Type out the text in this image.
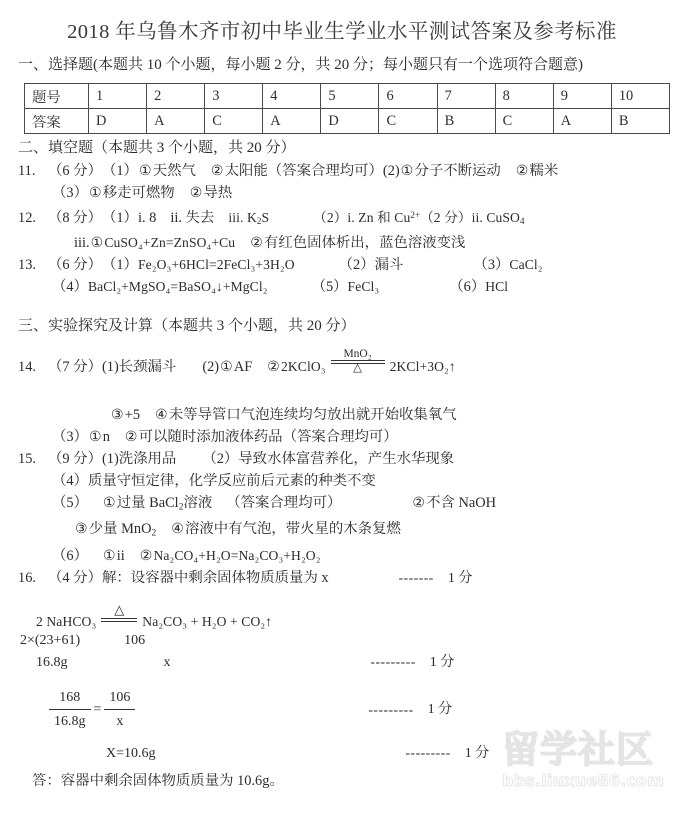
2018 年乌鲁木齐市初中毕业生学业水平测试答案及参考标准
一、选择题(本题共 10 个小题，每小题 2 分，共 20 分；每小题只有一个选项符合题意)
题号	1	2	3	4	5	6	7	8	9	10
答案	D	A	C	A	D	C	B	C	A	B
二、填空题（本题共 3 个小题，共 20 分）
11. （6 分） （1） ① 天然气 ② 太阳能（答案合理均可） (2) ① 分子不断运动 ② 糯米
（3） ① 移走可燃物 ② 导热
12. （8 分） （1）i. 8 ii. 失去 iii. $K_2S$	（2）i. Zn 和 $Cu^{2+}$ （2 分）ii. CuSO$_4$
iii. ① CuSO₄+Zn=ZnSO₄+Cu ② 有红色固体析出，蓝色溶液变浅
13. （6 分） （1） Fe₂O₃+6HCl=2FeCl₃+3H₂O	（2）漏斗	（3） CaCl₂
（4） BaCl₂+MgSO₄=BaSO₄↓+MgCl₂	（5） FeCl₃	（6） HCl
三、实验探究及计算（本题共 3 个小题，共 20 分）
14. （7 分） (1)长颈漏斗 (2) ① AF ② 2KClO₃
MnO₂
△ 2KCl+3O₂↑
③ +5 ④ 未等导管口气泡连续均匀放出就开始收集氧气
（3） ① n ② 可以随时添加液体药品（答案合理均可）
15. （9 分） (1)洗涤用品 （2）导致水体富营养化，产生水华现象
（4）质量守恒定律，化学反应前后元素的种类不变
（5） ① 过量 BaCl$_2$溶液 （答案合理均可）	② 不含 NaOH
③ 少量 MnO$_2$ ④ 溶液中有气泡，带火星的木条复燃
（6） ① ii ② Na₂CO₄+H₂O=Na₂CO₃+H₂O₂
16. （4 分） 解：设容器中剩余固体物质质量为 x	------- 1 分
2 NaHCO₃
△
Na₂CO₃ + H₂O + CO₂↑
2×(23+61)	106
16.8g	x	--------- 1 分
$\frac{168}{16.8g} = \frac{106}{x}$	--------- 1 分
X=10.6g	--------- 1 分
答：容器中剩余固体物质质量为 10.6g。
留学社区
bbs.liuxue86.com
